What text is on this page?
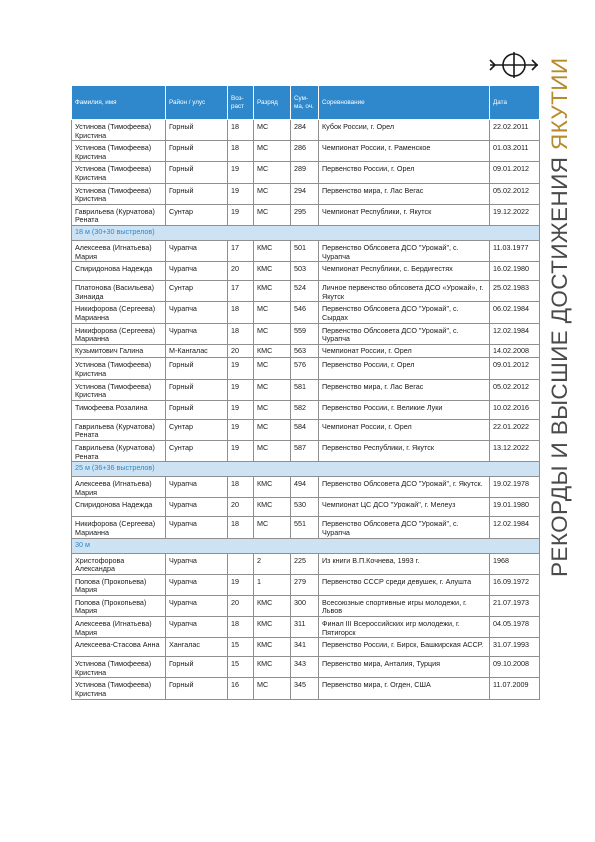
РЕКОРДЫ И ВЫСШИЕ ДОСТИЖЕНИЯ ЯКУТИИ
Фамилия, имя	Район / улус	Воз-раст	Разряд	Сум-ма, оч.	Соревнование	Дата
Устинова (Тимофеева) Кристина	Горный	18	МС	284	Кубок России, г. Орел	22.02.2011
Устинова (Тимофеева) Кристина	Горный	18	МС	286	Чемпионат России, г. Раменское	01.03.2011
Устинова (Тимофеева) Кристина	Горный	19	МС	289	Первенство России, г. Орел	09.01.2012
Устинова (Тимофеева) Кристина	Горный	19	МС	294	Первенство мира, г. Лас Вегас	05.02.2012
Гаврильева (Курчатова) Рената	Сунтар	19	МС	295	Чемпионат Республики, г. Якутск	19.12.2022
18 м (30+30 выстрелов)						
Алексеева (Игнатьева) Мария	Чурапча	17	КМС	501	Первенство Облсовета ДСО "Урожай", с. Чурапча	11.03.1977
Спиридонова Надежда	Чурапча	20	КМС	503	Чемпионат Республики, с. Бердигестях	16.02.1980
Платонова (Васильева) Зинаида	Сунтар	17	КМС	524	Личное первенство облсовета ДСО «Урожай», г. Якутск	25.02.1983
Никифорова (Сергеева) Марианна	Чурапча	18	МС	546	Первенство Облсовета ДСО "Урожай", с. Сырдах	06.02.1984
Никифорова (Сергеева) Марианна	Чурапча	18	МС	559	Первенство Облсовета ДСО "Урожай", с. Чурапча	12.02.1984
Кузьмитович Галина	М-Кангалас	20	КМС	563	Чемпионат России, г. Орел	14.02.2008
Устинова (Тимофеева) Кристина	Горный	19	МС	576	Первенство России, г. Орел	09.01.2012
Устинова (Тимофеева) Кристина	Горный	19	МС	581	Первенство мира, г. Лас Вегас	05.02.2012
Тимофеева Розалина	Горный	19	МС	582	Первенство России, г. Великие Луки	10.02.2016
Гаврильева (Курчатова) Рената	Сунтар	19	МС	584	Чемпионат России, г. Орел	22.01.2022
Гаврильева (Курчатова) Рената	Сунтар	19	МС	587	Первенство Республики, г. Якутск	13.12.2022
25 м (36+36 выстрелов)						
Алексеева (Игнатьева) Мария	Чурапча	18	КМС	494	Первенство Облсовета ДСО "Урожай", г. Якутск.	19.02.1978
Спиридонова Надежда	Чурапча	20	КМС	530	Чемпионат ЦС ДСО "Урожай", г. Мелеуз	19.01.1980
Никифорова (Сергеева) Марианна	Чурапча	18	МС	551	Первенство Облсовета ДСО "Урожай", с. Чурапча	12.02.1984
30 м						
Христофорова Александра	Чурапча		2	225	Из книги В.П.Кочнева, 1993 г.	1968
Попова (Прокопьева) Мария	Чурапча	19	1	279	Первенство СССР среди девушек, г. Алушта	16.09.1972
Попова (Прокопьева) Мария	Чурапча	20	КМС	300	Всесоюзные спортивные игры молодежи, г. Львов	21.07.1973
Алексеева (Игнатьева) Мария	Чурапча	18	КМС	311	Финал III Всероссийских игр молодежи, г. Пятигорск	04.05.1978
Алексеева-Стасова Анна	Хангалас	15	КМС	341	Первенство России, г. Бирск, Башкирская АССР.	31.07.1993
Устинова (Тимофеева) Кристина	Горный	15	КМС	343	Первенство мира, Анталия, Турция	09.10.2008
Устинова (Тимофеева) Кристина	Горный	16	МС	345	Первенство мира, г. Огден, США	11.07.2009
